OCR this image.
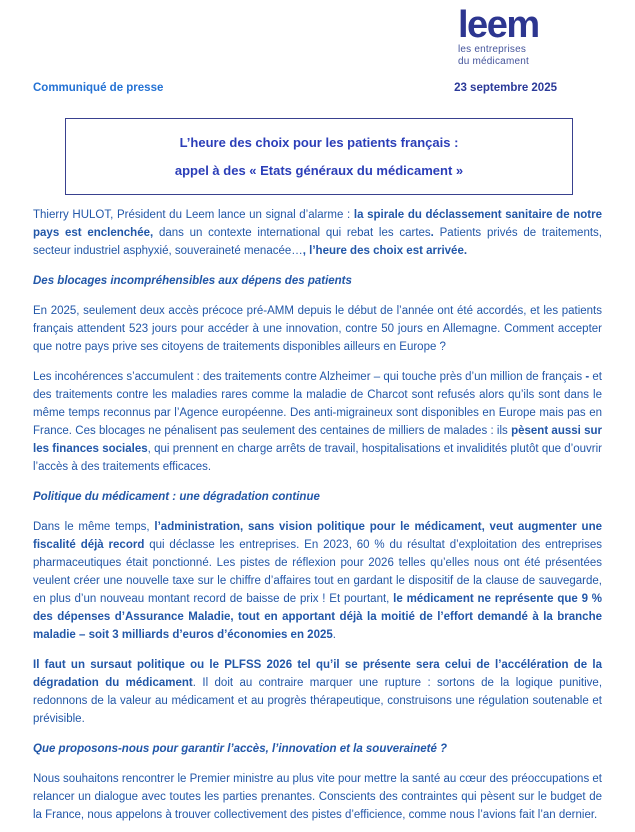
leem
les entreprises
du médicament
Communiqué de presse	23 septembre 2025
L’heure des choix pour les patients français :
appel à des « Etats généraux du médicament »

Thierry HULOT, Président du Leem lance un signal d’alarme : la spirale du déclassement sanitaire de notre pays est enclenchée, dans un contexte international qui rebat les cartes. Patients privés de traitements, secteur industriel asphyxié, souveraineté menacée…, l’heure des choix est arrivée.

Des blocages incompréhensibles aux dépens des patients

En 2025, seulement deux accès précoce pré-AMM depuis le début de l’année ont été accordés, et les patients français attendent 523 jours pour accéder à une innovation, contre 50 jours en Allemagne. Comment accepter que notre pays prive ses citoyens de traitements disponibles ailleurs en Europe ?

Les incohérences s’accumulent : des traitements contre Alzheimer – qui touche près d’un million de français - et des traitements contre les maladies rares comme la maladie de Charcot sont refusés alors qu’ils sont dans le même temps reconnus par l’Agence européenne. Des anti-migraineux sont disponibles en Europe mais pas en France. Ces blocages ne pénalisent pas seulement des centaines de milliers de malades : ils pèsent aussi sur les finances sociales, qui prennent en charge arrêts de travail, hospitalisations et invalidités plutôt que d’ouvrir l’accès à des traitements efficaces.

Politique du médicament : une dégradation continue

Dans le même temps, l’administration, sans vision politique pour le médicament, veut augmenter une fiscalité déjà record qui déclasse les entreprises. En 2023, 60 % du résultat d’exploitation des entreprises pharmaceutiques était ponctionné. Les pistes de réflexion pour 2026 telles qu’elles nous ont été présentées veulent créer une nouvelle taxe sur le chiffre d’affaires tout en gardant le dispositif de la clause de sauvegarde, en plus d’un nouveau montant record de baisse de prix ! Et pourtant, le médicament ne représente que 9 % des dépenses d’Assurance Maladie, tout en apportant déjà la moitié de l’effort demandé à la branche maladie – soit 3 milliards d’euros d’économies en 2025.

Il faut un sursaut politique ou le PLFSS 2026 tel qu’il se présente sera celui de l’accélération de la dégradation du médicament. Il doit au contraire marquer une rupture : sortons de la logique punitive, redonnons de la valeur au médicament et au progrès thérapeutique, construisons une régulation soutenable et prévisible.

Que proposons-nous pour garantir l’accès, l’innovation et la souveraineté ?

Nous souhaitons rencontrer le Premier ministre au plus vite pour mettre la santé au cœur des préoccupations et relancer un dialogue avec toutes les parties prenantes. Conscients des contraintes qui pèsent sur le budget de la France, nous appelons à trouver collectivement des pistes d’efficience, comme nous l’avions fait l’an dernier.
